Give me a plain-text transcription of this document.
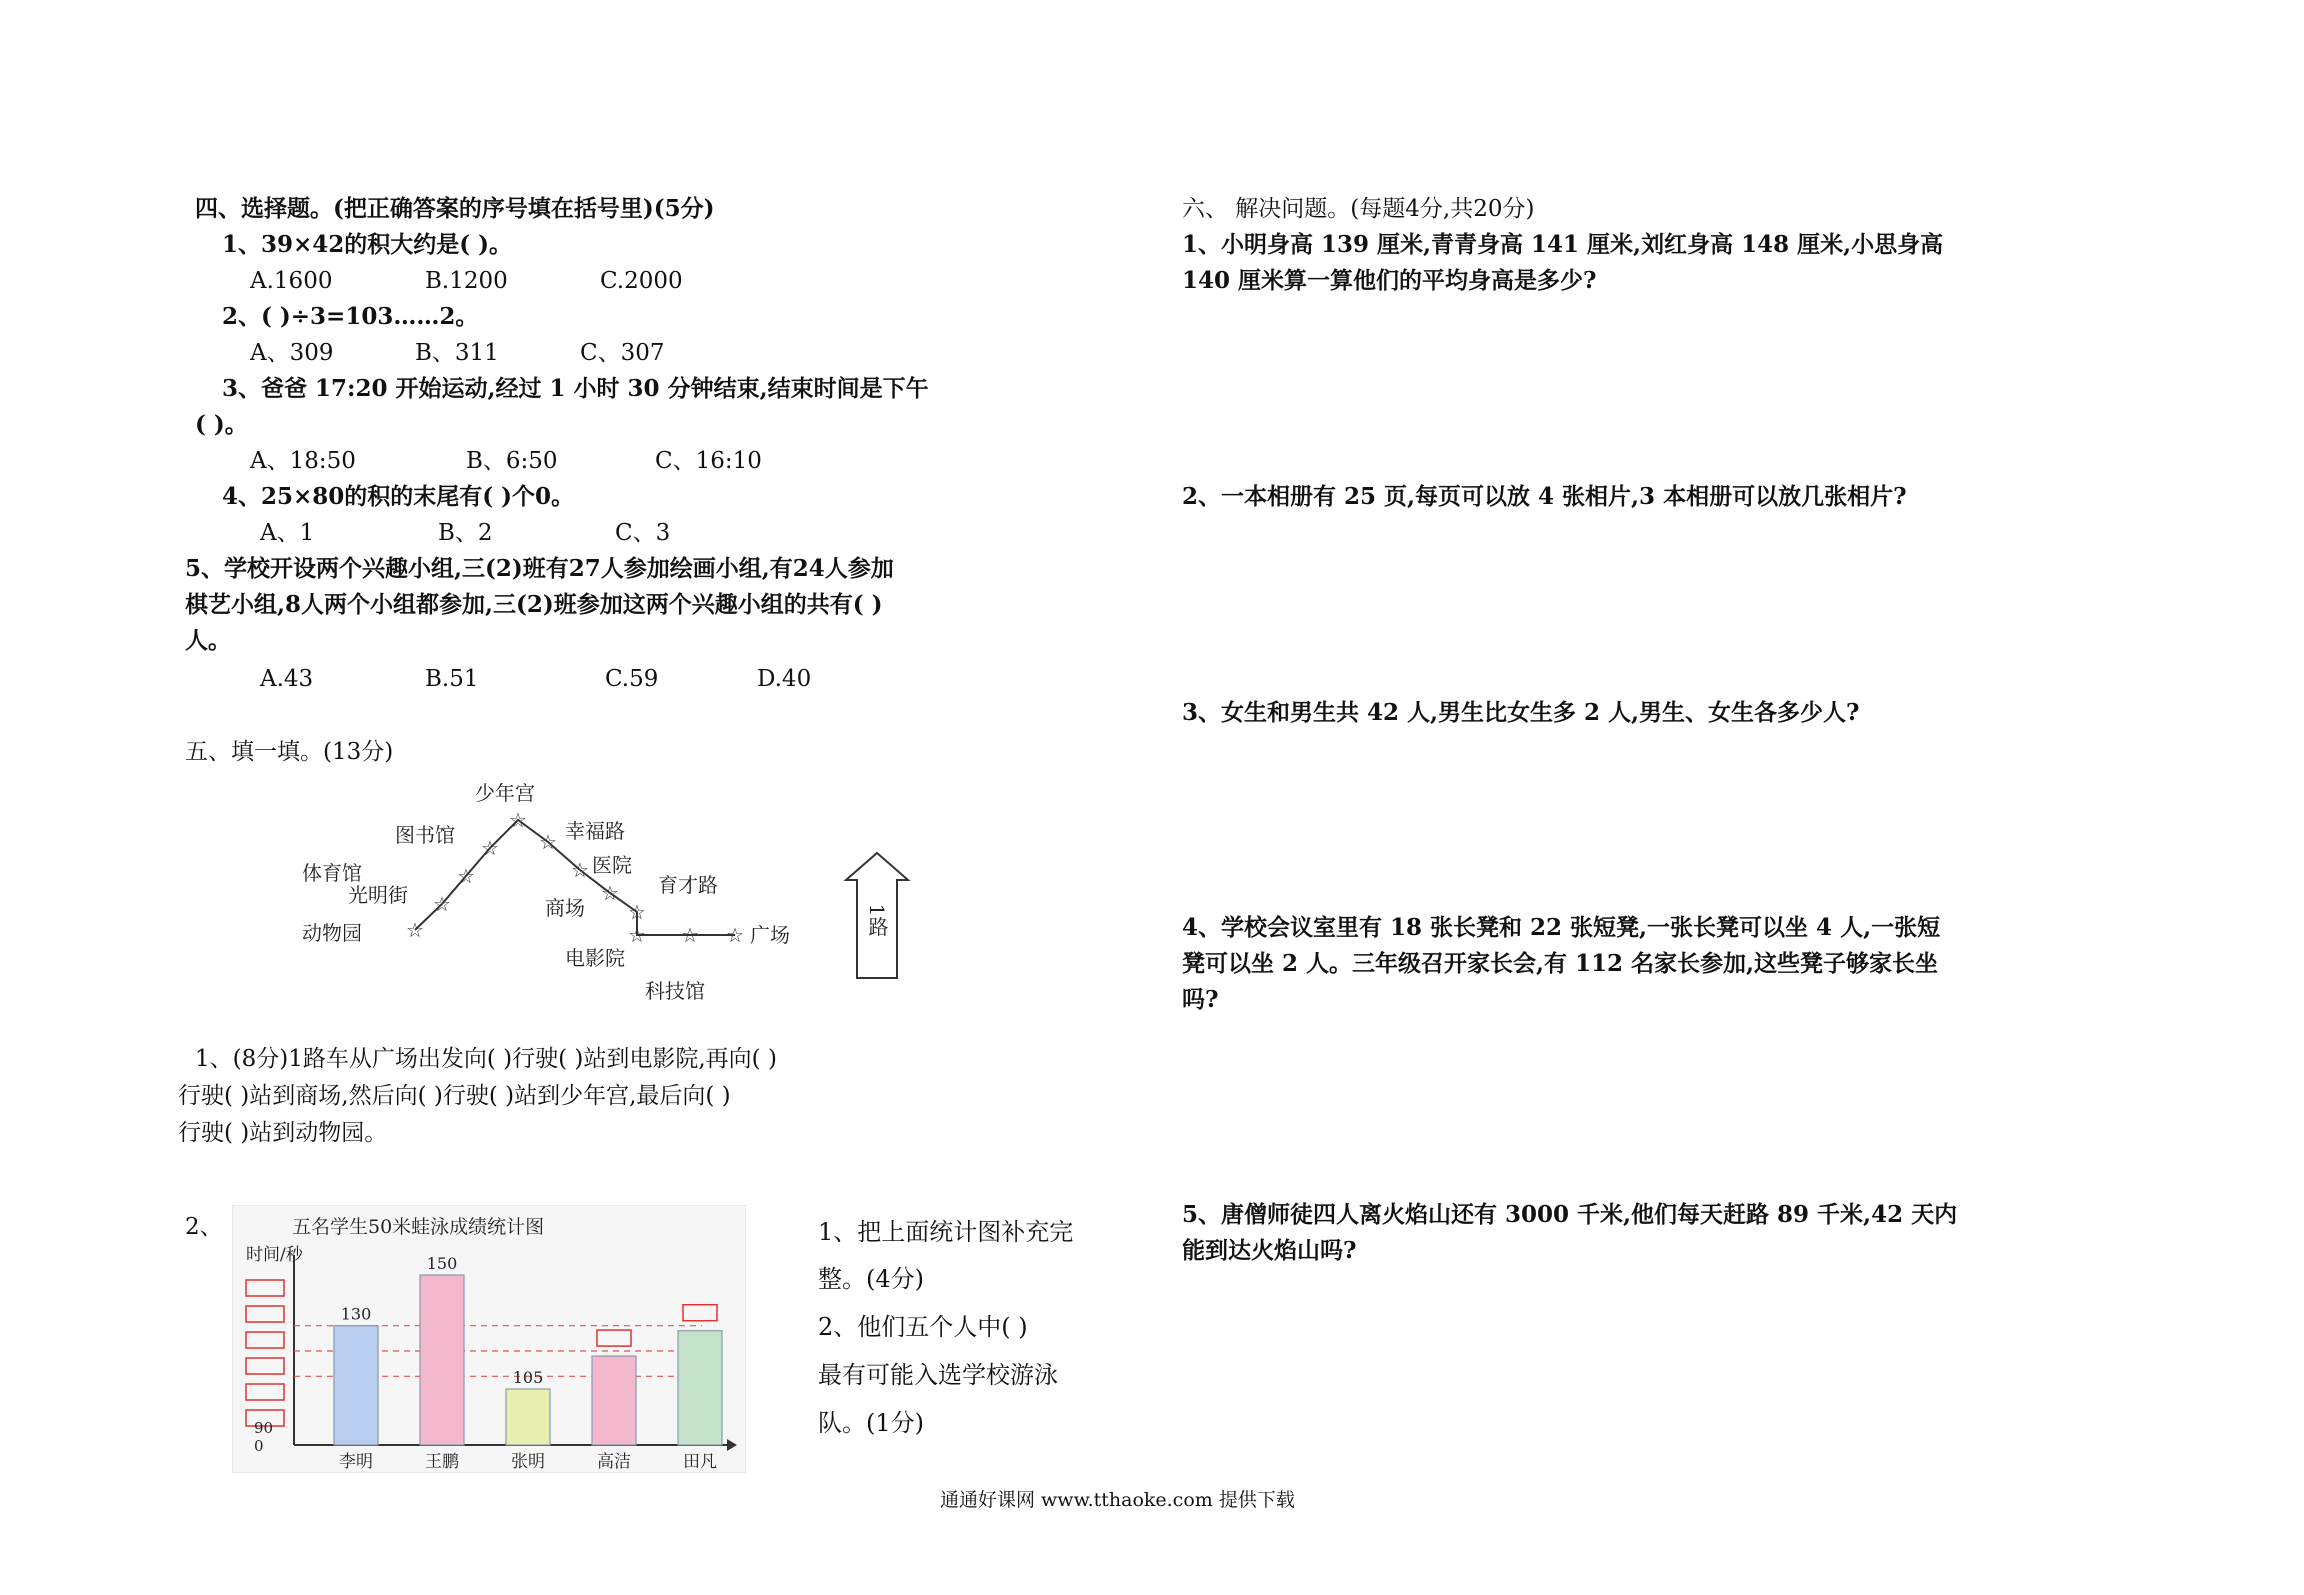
四、选择题。(把正确答案的序号填在括号里)(5分)
1、39×42的积大约是( )。
A.1600	B.1200	C.2000
2、( )÷3=103……2。
A、309	B、311	C、307
3、爸爸 17:20 开始运动,经过 1 小时 30 分钟结束,结束时间是下午
( )。
A、18:50	B、6:50	C、16:10
4、25×80的积的末尾有( )个0。
A、1	B、2	C、3
5、学校开设两个兴趣小组,三(2)班有27人参加绘画小组,有24人参加
棋艺小组,8人两个小组都参加,三(2)班参加这两个兴趣小组的共有( )
人。
A.43	B.51	C.59	D.40
五、填一填。(13分)
☆
☆
☆
☆
☆
☆
☆
☆
☆
☆ ☆ ☆
少年宫
图书馆	幸福路
体育馆	医院
育才路
光明街
商场
动物园
电影院
广场
科技馆
1路
1、(8分)1路车从广场出发向( )行驶( )站到电影院,再向( )
行驶( )站到商场,然后向( )行驶( )站到少年宫,最后向( )
行驶( )站到动物园。
2、	五名学生50米蛙泳成绩统计图
时间/秒
90
0
130
李明
150
王鹏
105
张明	高洁	田凡
1、把上面统计图补充完
整。(4分)
2、他们五个人中( )
最有可能入选学校游泳
队。(1分)
六、 解决问题。(每题4分,共20分)
1、小明身高 139 厘米,青青身高 141 厘米,刘红身高 148 厘米,小思身高
140 厘米算一算他们的平均身高是多少?
2、一本相册有 25 页,每页可以放 4 张相片,3 本相册可以放几张相片?
3、女生和男生共 42 人,男生比女生多 2 人,男生、女生各多少人?
4、学校会议室里有 18 张长凳和 22 张短凳,一张长凳可以坐 4 人,一张短
凳可以坐 2 人。三年级召开家长会,有 112 名家长参加,这些凳子够家长坐
吗?
5、唐僧师徒四人离火焰山还有 3000 千米,他们每天赶路 89 千米,42 天内
能到达火焰山吗?
通通好课网 www.tthaoke.com 提供下载
